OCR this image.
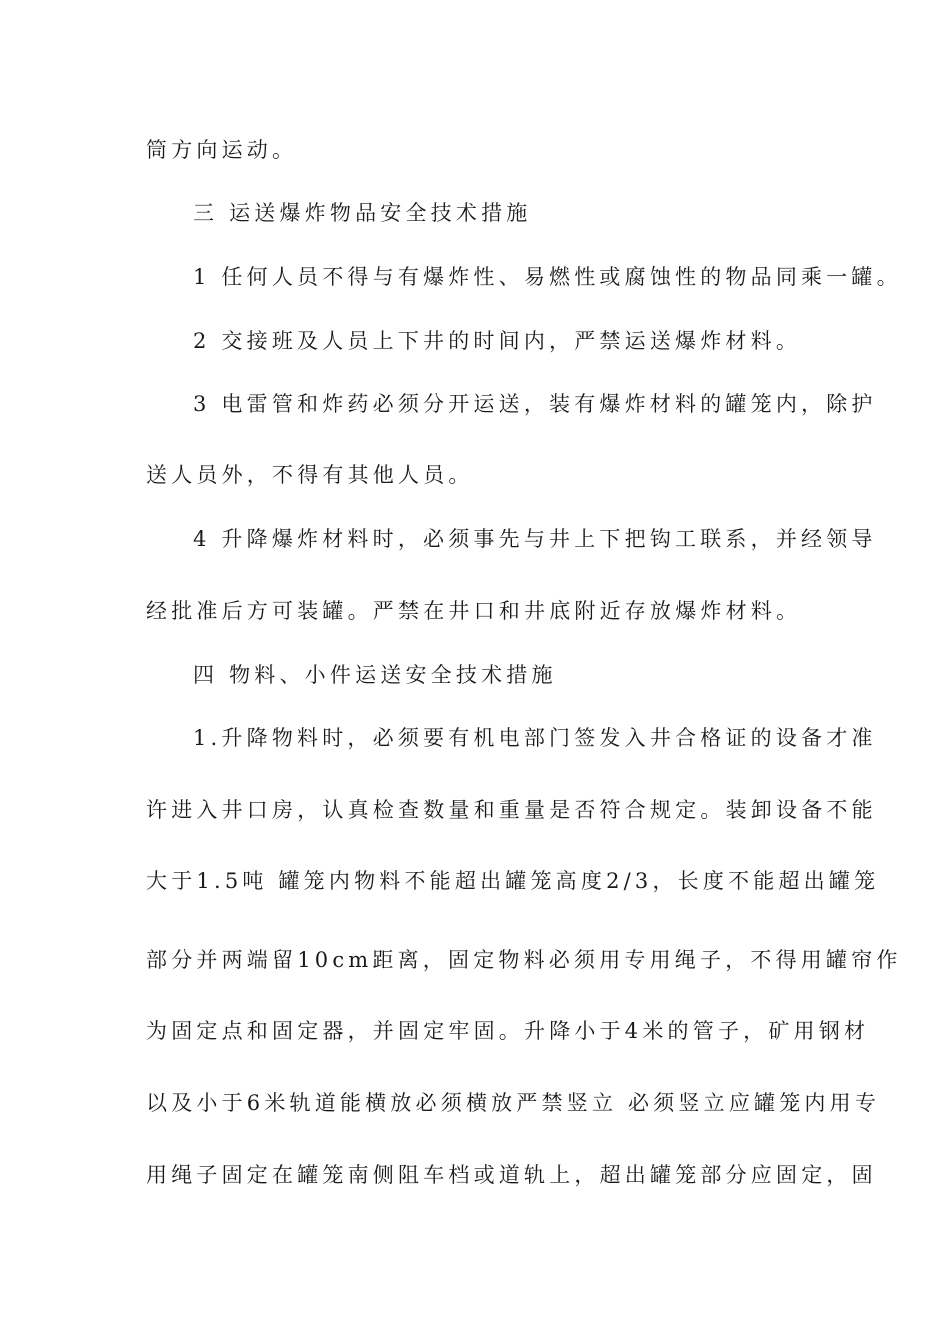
筒方向运动。
三 运送爆炸物品安全技术措施
1 任何人员不得与有爆炸性、易燃性或腐蚀性的物品同乘一罐。
2 交接班及人员上下井的时间内，严禁运送爆炸材料。
3 电雷管和炸药必须分开运送，装有爆炸材料的罐笼内，除护
送人员外，不得有其他人员。
4 升降爆炸材料时，必须事先与井上下把钩工联系，并经领导
经批准后方可装罐。严禁在井口和井底附近存放爆炸材料。
四 物料、小件运送安全技术措施
1.升降物料时，必须要有机电部门签发入井合格证的设备才准
许进入井口房，认真检查数量和重量是否符合规定。装卸设备不能
大于1.5吨 罐笼内物料不能超出罐笼高度2/3，长度不能超出罐笼
部分并两端留10cm距离，固定物料必须用专用绳子，不得用罐帘作
为固定点和固定器，并固定牢固。升降小于4米的管子，矿用钢材
以及小于6米轨道能横放必须横放严禁竖立 必须竖立应罐笼内用专
用绳子固定在罐笼南侧阻车档或道轨上，超出罐笼部分应固定，固
